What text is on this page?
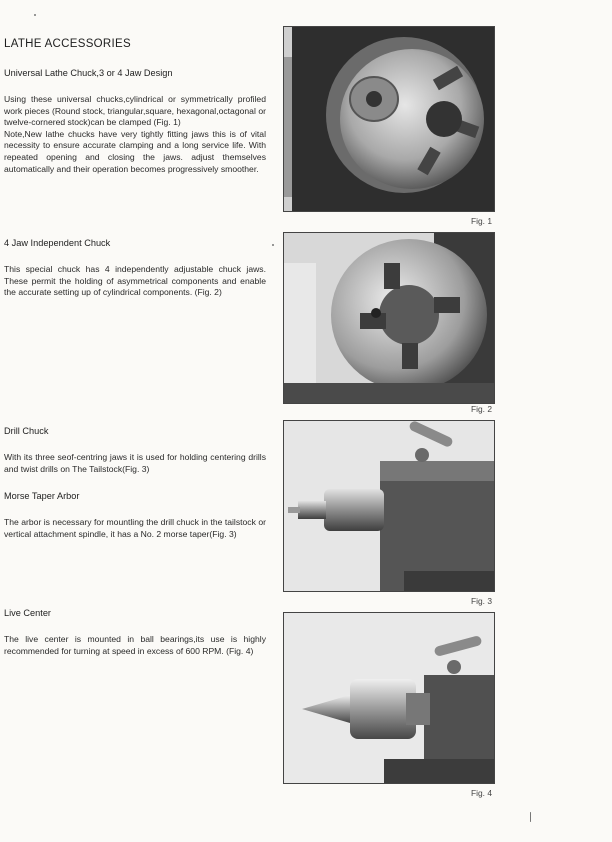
LATHE ACCESSORIES
Universal Lathe Chuck,3 or 4 Jaw Design

Using these universal chucks,cylindrical or symmetrically profiled work pieces (Round stock, triangular,square, hexagonal,octagonal or twelve-cornered stock)can be clamped (Fig. 1)

Note,New lathe chucks have very tightly fitting jaws this is of vital necessity to ensure accurate clamping and a long service life. With repeated opening and closing the jaws. adjust themselves automatically and their operation becomes progressively smoother.

4 Jaw Independent Chuck

This special chuck has 4 independently adjustable chuck jaws. These permit the holding of asymmetrical components and enable the accurate setting up of cylindrical components. (Fig. 2)

Drill Chuck

With its three seof-centring jaws it is used for holding centering drills and twist drills on The Tailstock(Fig. 3)

Morse Taper Arbor

The arbor is necessary for mountling the drill chuck in the tailstock or vertical attachment spindle, it has a No. 2 morse taper(Fig. 3)

Live Center

The live center is mounted in ball bearings,its use is highly recommended for turning at speed in excess of 600 RPM. (Fig. 4)

Fig. 1
Fig. 2
Fig. 3
Fig. 4
